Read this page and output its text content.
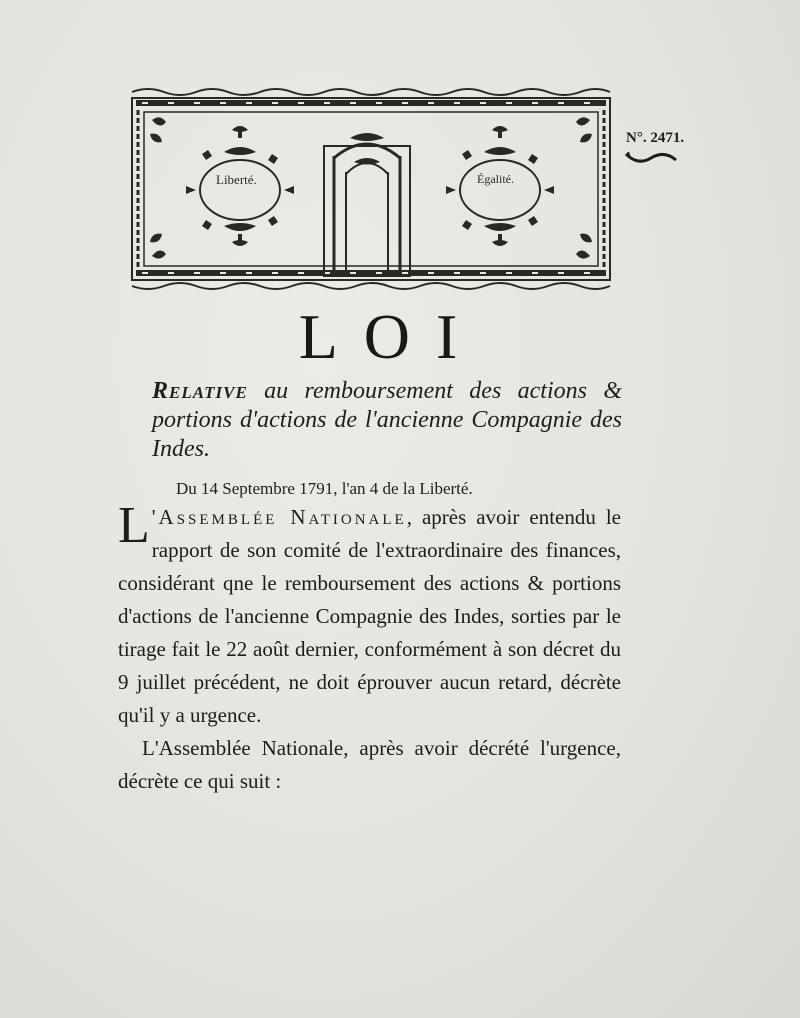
Liberté.	Égalité.
N°. 2471.
LOI
Relative au remboursement des actions & portions d'actions de l'ancienne Compagnie des Indes.
Du 14 Septembre 1791, l'an 4 de la Liberté.

L 'Assemblée Nationale, après avoir entendu le rapport de son comité de l'extraordinaire des finances, considérant qne le remboursement des actions & portions d'actions de l'ancienne Compagnie des Indes, sorties par le tirage fait le 22 août dernier, conformément à son décret du 9 juillet précédent, ne doit éprouver aucun retard, décrète qu'il y a urgence.

L'Assemblée Nationale, après avoir décrété l'urgence, décrète ce qui suit :
